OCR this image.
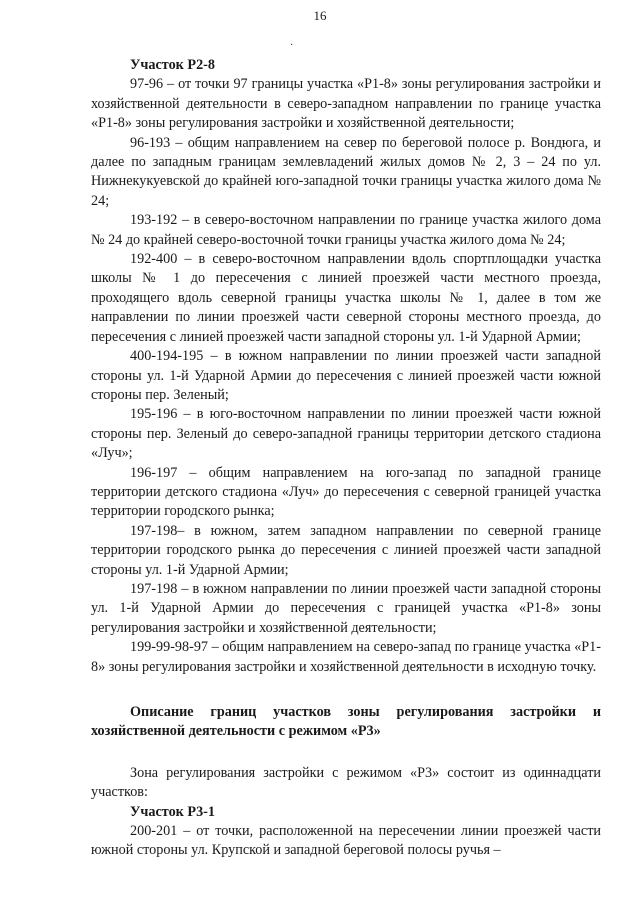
16
·

Участок Р2-8

97-96 – от точки 97 границы участка «Р1-8» зоны регулирования застройки и хозяйственной деятельности в северо-западном направлении по границе участка «Р1-8» зоны регулирования застройки и хозяйственной деятельности;

96-193 – общим направлением на север по береговой полосе р. Вондюга, и далее по западным границам землевладений жилых домов № 2, 3 – 24 по ул. Нижнекукуевской до крайней юго-западной точки границы участка жилого дома № 24;

193-192 – в северо-восточном направлении по границе участка жилого дома № 24 до крайней северо-восточной точки границы участка жилого дома № 24;

192-400 – в северо-восточном направлении вдоль спортплощадки участка школы № 1 до пересечения с линией проезжей части местного проезда, проходящего вдоль северной границы участка школы № 1, далее в том же направлении по линии проезжей части северной стороны местного проезда, до пересечения с линией проезжей части западной стороны ул. 1-й Ударной Армии;

400-194-195 – в южном направлении по линии проезжей части западной стороны ул. 1-й Ударной Армии до пересечения с линией проезжей части южной стороны пер. Зеленый;

195-196 – в юго-восточном направлении по линии проезжей части южной стороны пер. Зеленый до северо-западной границы территории детского стадиона «Луч»;

196-197 – общим направлением на юго-запад по западной границе территории детского стадиона «Луч» до пересечения с северной границей участка территории городского рынка;

197-198– в южном, затем западном направлении по северной границе территории городского рынка до пересечения с линией проезжей части западной стороны ул. 1-й Ударной Армии;

197-198 – в южном направлении по линии проезжей части западной стороны ул. 1-й Ударной Армии до пересечения с границей участка «Р1-8» зоны регулирования застройки и хозяйственной деятельности;

199-99-98-97 – общим направлением на северо-запад по границе участка «Р1-8» зоны регулирования застройки и хозяйственной деятельности в исходную точку.

Описание границ участков зоны регулирования застройки и хозяйственной деятельности с режимом «Р3»

Зона регулирования застройки с режимом «Р3» состоит из одиннадцати участков:

Участок Р3-1

200-201 – от точки, расположенной на пересечении линии проезжей части южной стороны ул. Крупской и западной береговой полосы ручья –
